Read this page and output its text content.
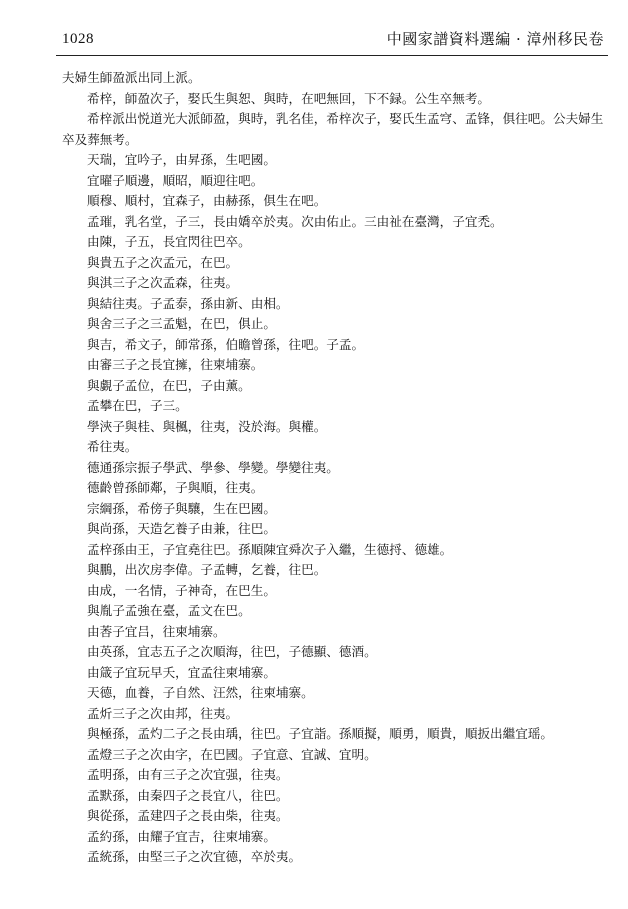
1028	中國家譜資料選編 · 漳州移民卷
夫婦生師盈派出同上派。
希梓，師盈次子，娶氏生與恕、與時，在吧無回，下不録。公生卒無考。
希梓派出悦道光大派師盈，與時，乳名佳，希梓次子，娶氏生孟穹、孟锋，俱往吧。公夫婦生卒及葬無考。
天瑞，宜吟子，由昇孫，生吧國。
宜曜子順邊，順昭，順迎往吧。
順穆、順村，宜森子，由赫孫，俱生在吧。
孟璀，乳名堂，子三，長由嬌卒於夷。次由佑止。三由祉在臺灣，子宜禿。
由陳，子五，長宜閃往巴卒。
與貴五子之次孟元，在巴。
與淇三子之次孟森，往夷。
與結往夷。子孟泰，孫由新、由相。
與舍三子之三孟魁，在巴，俱止。
與吉，希文子，師常孫，伯瞻曾孫，往吧。子孟。
由審三子之長宜擁，往柬埔寨。
與覷子孟位，在巴，子由薰。
孟攀在巴，子三。
學浹子與桂、與楓，往夷，没於海。與權。
希往夷。
德通孫宗振子學武、學參、學變。學變往夷。
德齡曾孫師鄰，子與順，往夷。
宗綱孫，希傍子與驤，生在巴國。
與尚孫，天造乞養子由兼，往巴。
孟梓孫由王，子宜堯往巴。孫順陳宜舜次子入繼，生德捋、德雄。
與鵬，出次房李偉。子孟轉，乞養，往巴。
由成，一名情，子神奇，在巴生。
與胤子孟強在臺，孟文在巴。
由莕子宜吕，往柬埔寨。
由英孫，宜志五子之次順海，往巴，子德顯、德酒。
由箴子宜玩早夭，宜孟往柬埔寨。
天德，血養，子自然、汪然，往柬埔寨。
孟炘三子之次由邦，往夷。
與極孫，孟灼二子之長由瑀，往巴。子宜詣。孫順擬，順勇，順貴，順扳出繼宜瑶。
孟燈三子之次由字，在巴國。子宜意、宜誠、宜明。
孟明孫，由有三子之次宜强，往夷。
孟默孫，由秦四子之長宜八，往巴。
與從孫，孟建四子之長由柴，往夷。
孟約孫，由耀子宜吉，往柬埔寨。
孟統孫，由堅三子之次宜德，卒於夷。
